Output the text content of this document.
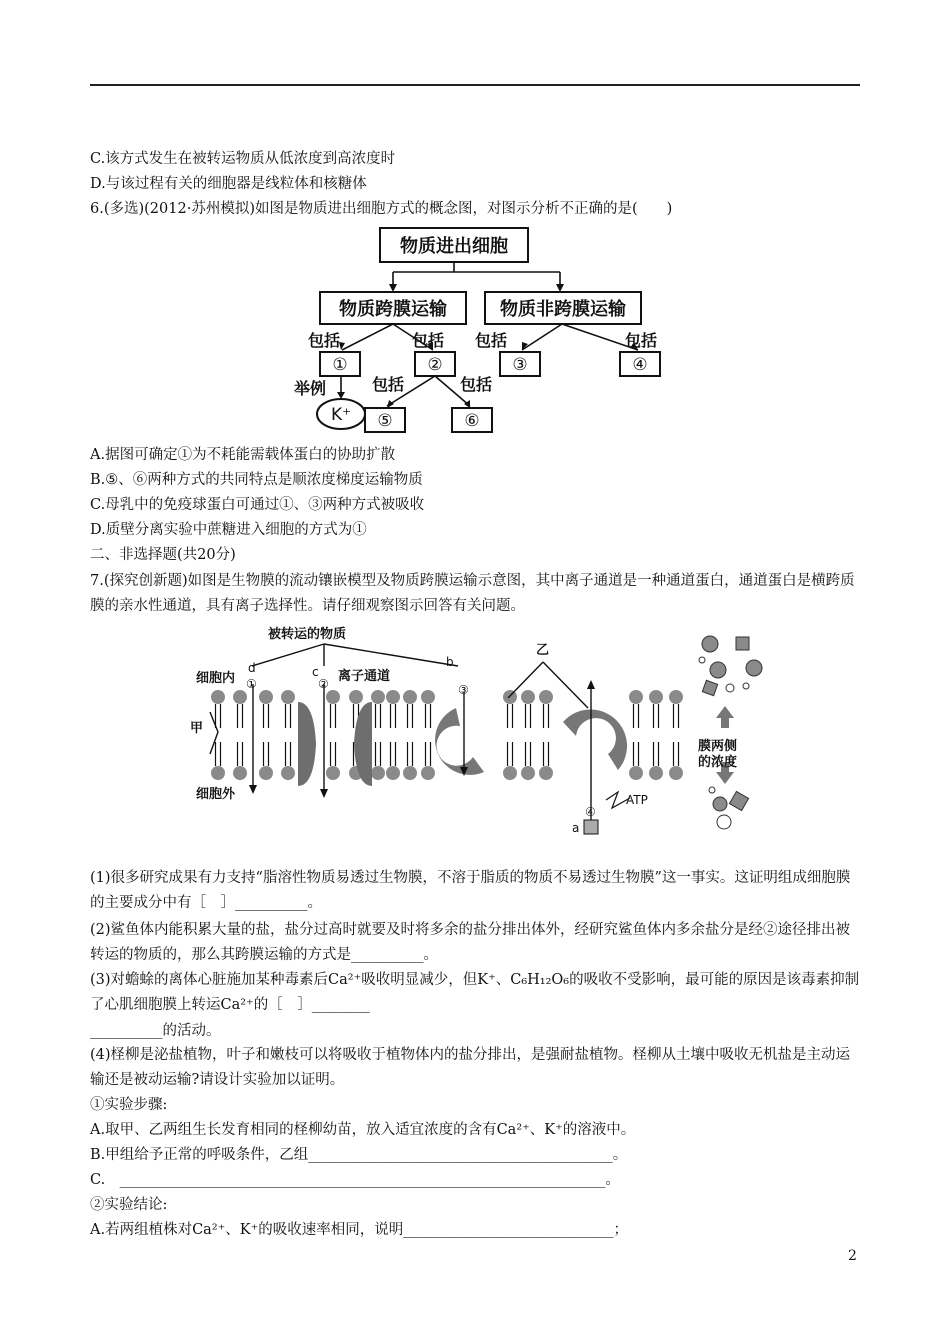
C.该方式发生在被转运物质从低浓度到高浓度时
D.与该过程有关的细胞器是线粒体和核糖体
6.(多选)(2012·苏州模拟)如图是物质进出细胞方式的概念图，对图示分析不正确的是(　　)
物质进出细胞
物质跨膜运输	物质非跨膜运输
包括	包括 包括	包括
包括	包括
举例
①	②	③	④
⑤	⑥
K⁺
A.据图可确定①为不耗能需载体蛋白的协助扩散
B.⑤、⑥两种方式的共同特点是顺浓度梯度运输物质
C.母乳中的免疫球蛋白可通过①、③两种方式被吸收
D.质壁分离实验中蔗糖进入细胞的方式为①
二、非选择题(共20分)
7.(探究创新题)如图是生物膜的流动镶嵌模型及物质跨膜运输示意图，其中离子通道是一种通道蛋白，通道蛋白是横跨质膜的亲水性通道，具有离子选择性。请仔细观察图示回答有关问题。
被转运的物质
细胞内
细胞外
甲
离子通道
乙
膜两侧
的浓度
ATP
a
b
c
d
①	②	③
④
(1)很多研究成果有力支持“脂溶性物质易透过生物膜，不溶于脂质的物质不易透过生物膜”这一事实。这证明组成细胞膜的主要成分中有［　］__________。
(2)鲨鱼体内能积累大量的盐，盐分过高时就要及时将多余的盐分排出体外，经研究鲨鱼体内多余盐分是经②途径排出被转运的物质的，那么其跨膜运输的方式是__________。
(3)对蟾蜍的离体心脏施加某种毒素后Ca²⁺吸收明显减少，但K⁺、C₆H₁₂O₆的吸收不受影响，最可能的原因是该毒素抑制了心肌细胞膜上转运Ca²⁺的［　］________
__________的活动。
(4)柽柳是泌盐植物，叶子和嫩枝可以将吸收于植物体内的盐分排出，是强耐盐植物。柽柳从土壤中吸收无机盐是主动运输还是被动运输?请设计实验加以证明。
①实验步骤:
A.取甲、乙两组生长发育相同的柽柳幼苗，放入适宜浓度的含有Ca²⁺、K⁺的溶液中。
B.甲组给予正常的呼吸条件，乙组__________________________________________。
C.　___________________________________________________________________。
②实验结论:
A.若两组植株对Ca²⁺、K⁺的吸收速率相同，说明_____________________________；
2
